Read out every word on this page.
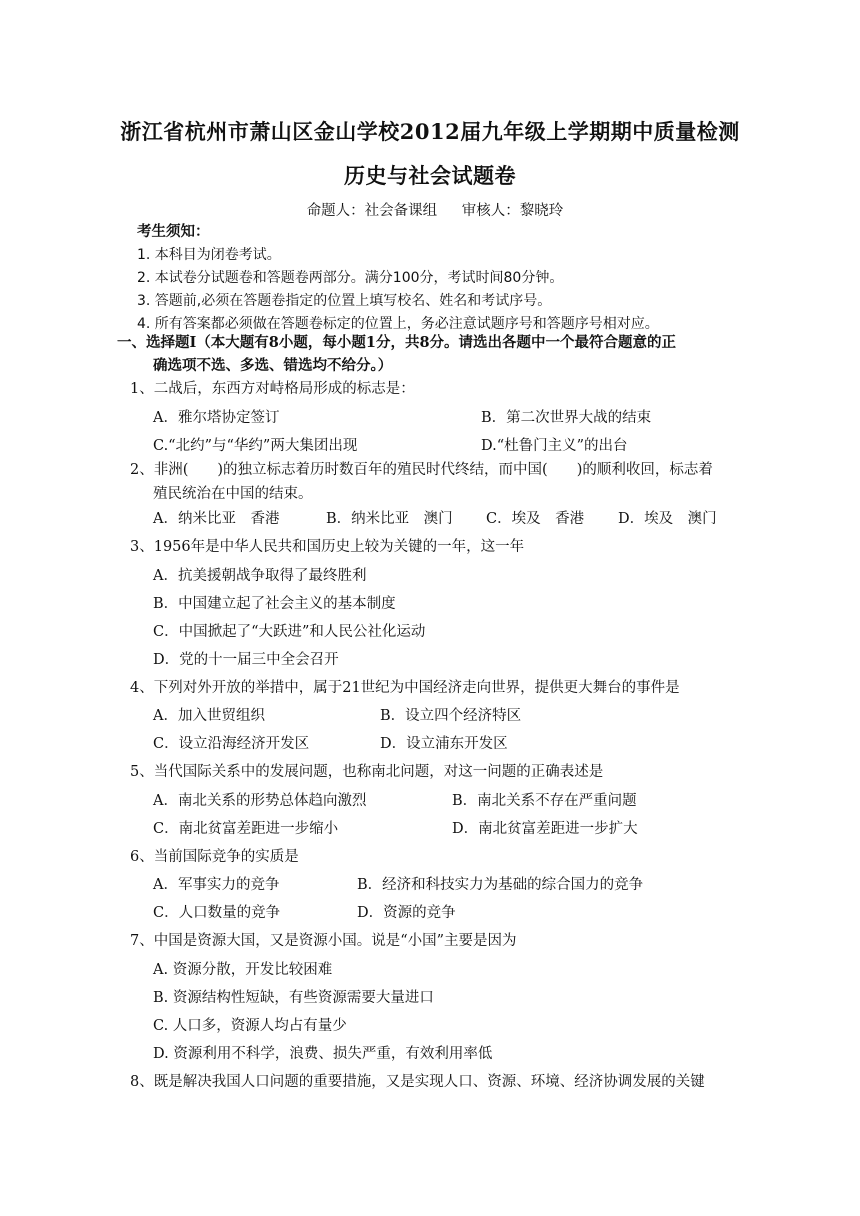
浙江省杭州市萧山区金山学校2012届九年级上学期期中质量检测
历史与社会试题卷
命题人：社会备课组 审核人：黎晓玲
考生须知：
1. 本科目为闭卷考试。
2. 本试卷分试题卷和答题卷两部分。满分100分，考试时间80分钟。
3. 答题前,必须在答题卷指定的位置上填写校名、姓名和考试序号。
4. 所有答案都必须做在答题卷标定的位置上，务必注意试题序号和答题序号相对应。
一、选择题Ⅰ（本大题有8小题，每小题1分，共8分。请选出各题中一个最符合题意的正
确选项不选、多选、错选均不给分。）
1、二战后，东西方对峙格局形成的标志是：
A．雅尔塔协定签订	B．第二次世界大战的结束
C.“北约”与“华约”两大集团出现	D.“杜鲁门主义”的出台
2、非洲(　　)的独立标志着历时数百年的殖民时代终结，而中国(　　)的顺利收回，标志着
殖民统治在中国的结束。
A．纳米比亚　香港	B．纳米比亚　澳门 C．埃及　香港 D．埃及　澳门
3、1956年是中华人民共和国历史上较为关键的一年，这一年
A．抗美援朝战争取得了最终胜利
B．中国建立起了社会主义的基本制度
C．中国掀起了“大跃进”和人民公社化运动
D．党的十一届三中全会召开
4、下列对外开放的举措中，属于21世纪为中国经济走向世界，提供更大舞台的事件是
A．加入世贸组织	B．设立四个经济特区
C．设立沿海经济开发区	D．设立浦东开发区
5、当代国际关系中的发展问题，也称南北问题，对这一问题的正确表述是
A．南北关系的形势总体趋向激烈	B．南北关系不存在严重问题
C．南北贫富差距进一步缩小	D．南北贫富差距进一步扩大
6、当前国际竞争的实质是
A．军事实力的竞争	B．经济和科技实力为基础的综合国力的竞争
C．人口数量的竞争	D．资源的竞争
7、中国是资源大国，又是资源小国。说是“小国”主要是因为
A. 资源分散，开发比较困难
B. 资源结构性短缺，有些资源需要大量进口
C. 人口多，资源人均占有量少
D. 资源利用不科学，浪费、损失严重，有效利用率低
8、既是解决我国人口问题的重要措施，又是实现人口、资源、环境、经济协调发展的关键
